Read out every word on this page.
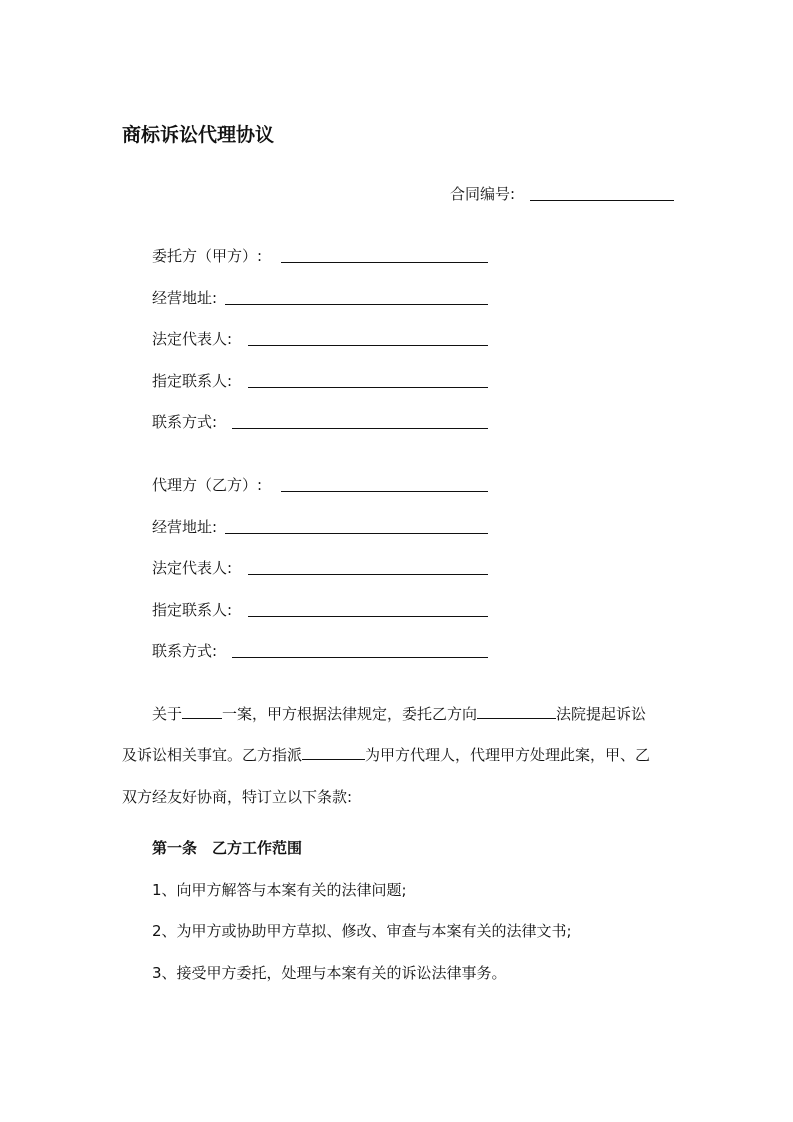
商标诉讼代理协议
合同编号:
委托方（甲方）:
经营地址:
法定代表人:
指定联系人:
联系方式:
代理方（乙方）:
经营地址:
法定代表人:
指定联系人:
联系方式:
关于	一案，甲方根据法律规定，委托乙方向	法院提起诉讼
及诉讼相关事宜。乙方指派	为甲方代理人，代理甲方处理此案，甲、乙
双方经友好协商，特订立以下条款:
第一条　乙方工作范围
1、向甲方解答与本案有关的法律问题;
2、为甲方或协助甲方草拟、修改、审查与本案有关的法律文书;
3、接受甲方委托，处理与本案有关的诉讼法律事务。
